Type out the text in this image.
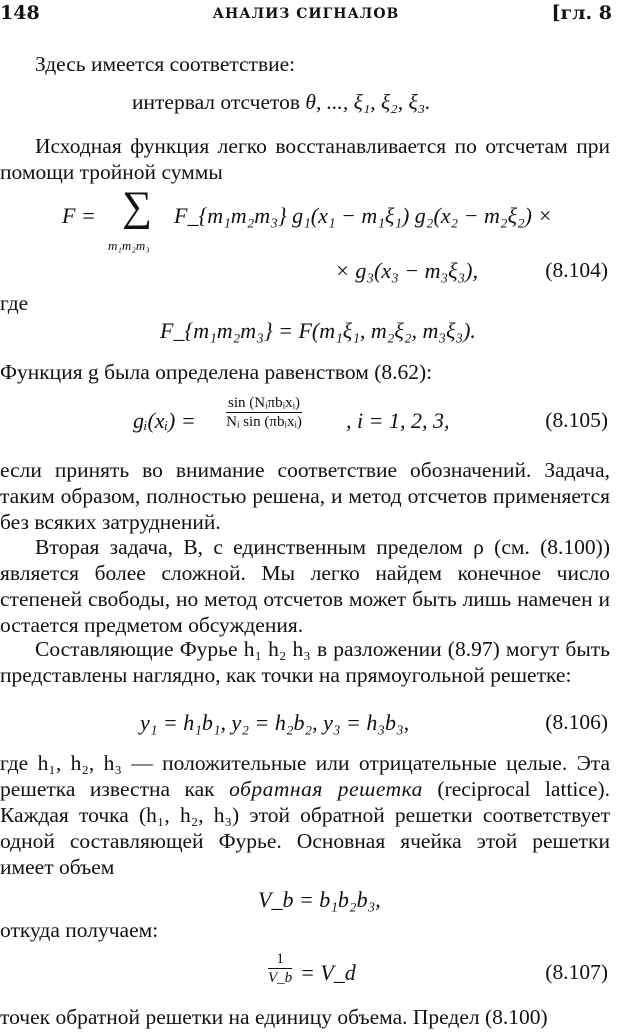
148	АНАЛИЗ СИГНАЛОВ	[гл. 8
Здесь имеется соответствие:
интервал отсчетов θ, ..., ξ₁, ξ₂, ξ₃.
Исходная функция легко восстанавливается по отсчетам при помощи тройной суммы
F = ∑
m₁m₂m₃
F_{m₁m₂m₃} g₁(x₁ − m₁ξ₁) g₂(x₂ − m₂ξ₂) ×
× g₃(x₃ − m₃ξ₃),	(8.104)
где
F_{m₁m₂m₃} = F(m₁ξ₁, m₂ξ₂, m₃ξ₃).
Функция g была определена равенством (8.62):
gᵢ(xᵢ) =
sin (Nᵢπbᵢxᵢ)
Nᵢ sin (πbᵢxᵢ) , i = 1, 2, 3,	(8.105)
если принять во внимание соответствие обозначений. Задача, таким образом, полностью решена, и метод отсчетов применяется без всяких затруднений.
Вторая задача, B, с единственным пределом ρ (см. (8.100)) является более сложной. Мы легко найдем конечное число степеней свободы, но метод отсчетов может быть лишь намечен и остается предметом обсуждения.
Составляющие Фурье h₁ h₂ h₃ в разложении (8.97) могут быть представлены наглядно, как точки на прямоугольной решетке:
y₁ = h₁b₁, y₂ = h₂b₂, y₃ = h₃b₃,	(8.106)
где h₁, h₂, h₃ — положительные или отрицательные целые. Эта решетка известна как обратная решетка (reciprocal lattice). Каждая точка (h₁, h₂, h₃) этой обратной решетки соответствует одной составляющей Фурье. Основная ячейка этой решетки имеет объем
V_b = b₁b₂b₃,
откуда получаем:
$\frac{1}{V\_b}$ = V_d	(8.107)
точек обратной решетки на единицу объема. Предел (8.100)
